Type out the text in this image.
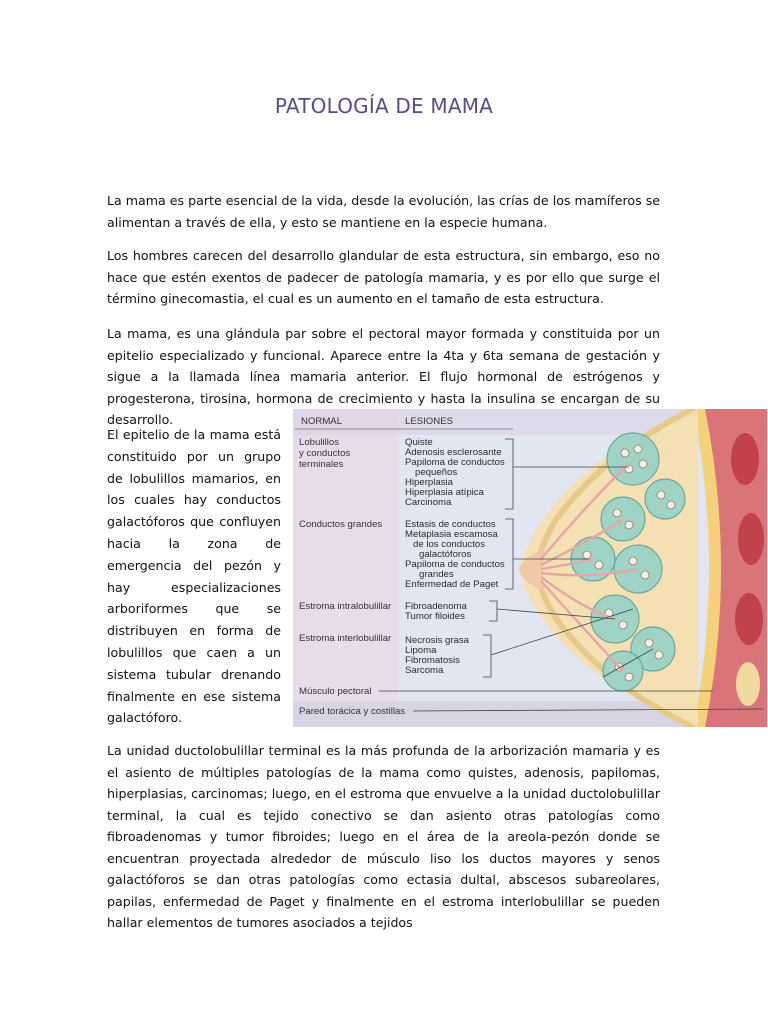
PATOLOGÍA DE MAMA

La mama es parte esencial de la vida, desde la evolución, las crías de los mamíferos se alimentan a través de ella, y esto se mantiene en la especie humana.

Los hombres carecen del desarrollo glandular de esta estructura, sin embargo, eso no hace que estén exentos de padecer de patología mamaria, y es por ello que surge el término ginecomastia, el cual es un aumento en el tamaño de esta estructura.

La mama, es una glándula par sobre el pectoral mayor formada y constituida por un epitelio especializado y funcional. Aparece entre la 4ta y 6ta semana de gestación y sigue a la llamada línea mamaria anterior. El flujo hormonal de estrógenos y progesterona, tirosina, hormona de crecimiento y hasta la insulina se encargan de su desarrollo.

El epitelio de la mama está constituido por un grupo de lobulillos mamarios, en los cuales hay conductos galactóforos que confluyen hacia la zona de emergencia del pezón y hay especializaciones arboriformes que se distribuyen en forma de lobulillos que caen a un sistema tubular drenando finalmente en ese sistema galactóforo.

NORMAL	LESIONES
Lobulillos
y conductos
terminales
Conductos grandes
Estroma intralobulillar
Estroma interlobulillar
Músculo pectoral
Pared torácica y costillas
Quiste
Adenosis esclerosante
Papiloma de conductos
pequeños
Hiperplasia
Hiperplasia atípica
Carcinoma
Estasis de conductos
Metaplasia escamosa
de los conductos
galactóforos
Papiloma de conductos
grandes
Enfermedad de Paget
Fibroadenoma
Tumor filoides
Necrosis grasa
Lipoma
Fibromatosis
Sarcoma

La unidad ductolobulillar terminal es la más profunda de la arborización mamaria y es el asiento de múltiples patologías de la mama como quistes, adenosis, papilomas, hiperplasias, carcinomas; luego, en el estroma que envuelve a la unidad ductolobulillar terminal, la cual es tejido conectivo se dan asiento otras patologías como fibroadenomas y tumor fibroides; luego en el área de la areola-pezón donde se encuentran proyectada alrededor de músculo liso los ductos mayores y senos galactóforos se dan otras patologías como ectasia dultal, abscesos subareolares, papilas, enfermedad de Paget y finalmente en el estroma interlobulillar se pueden hallar elementos de tumores asociados a tejidos
